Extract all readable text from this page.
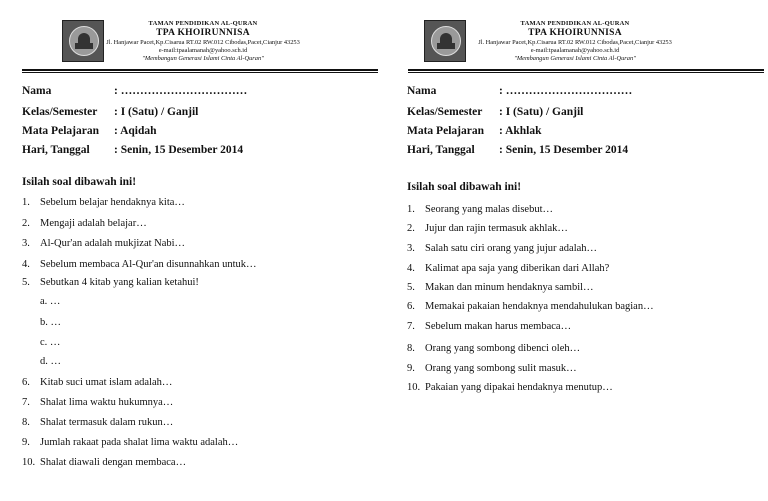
TAMAN PENDIDIKAN AL-QURAN
TPA KHOIRUNNISA
Jl. Hanjawar Pacet,Kp.Cisarua RT.02 RW.012 Cibodas,Pacet,Cianjur 43253
e-mail:tpaalamanah@yahoo.sch.id
"Membangun Generasi Islami Cinta Al-Quran"
Nama	: ……………………………
Kelas/Semester : I (Satu) / Ganjil
Mata Pelajaran : Aqidah
Hari, Tanggal : Senin, 15 Desember 2014
Isilah soal dibawah ini!
1. Sebelum belajar hendaknya kita…
2. Mengaji adalah belajar…
3. Al-Qur'an adalah mukjizat Nabi…
4. Sebelum membaca Al-Qur'an disunnahkan untuk…
5. Sebutkan 4 kitab yang kalian ketahui!
a. …
b. …
c. …
d. …
6. Kitab suci umat islam adalah…
7. Shalat lima waktu hukumnya…
8. Shalat termasuk dalam rukun…
9. Jumlah rakaat pada shalat lima waktu adalah…
10. Shalat diawali dengan membaca…
TAMAN PENDIDIKAN AL-QURAN
TPA KHOIRUNNISA
Jl. Hanjawar Pacet,Kp.Cisarua RT.02 RW.012 Cibodas,Pacet,Cianjur 43253
e-mail:tpaalamanah@yahoo.sch.id
"Membangun Generasi Islami Cinta Al-Quran"
Nama	: ……………………………
Kelas/Semester : I (Satu) / Ganjil
Mata Pelajaran : Akhlak
Hari, Tanggal : Senin, 15 Desember 2014
Isilah soal dibawah ini!
1. Seorang yang malas disebut…
2. Jujur dan rajin termasuk akhlak…
3. Salah satu ciri orang yang jujur adalah…
4. Kalimat apa saja yang diberikan dari Allah?
5. Makan dan minum hendaknya sambil…
6. Memakai pakaian hendaknya mendahulukan bagian…
7. Sebelum makan harus membaca…
8. Orang yang sombong dibenci oleh…
9. Orang yang sombong sulit masuk…
10. Pakaian yang dipakai hendaknya menutup…
